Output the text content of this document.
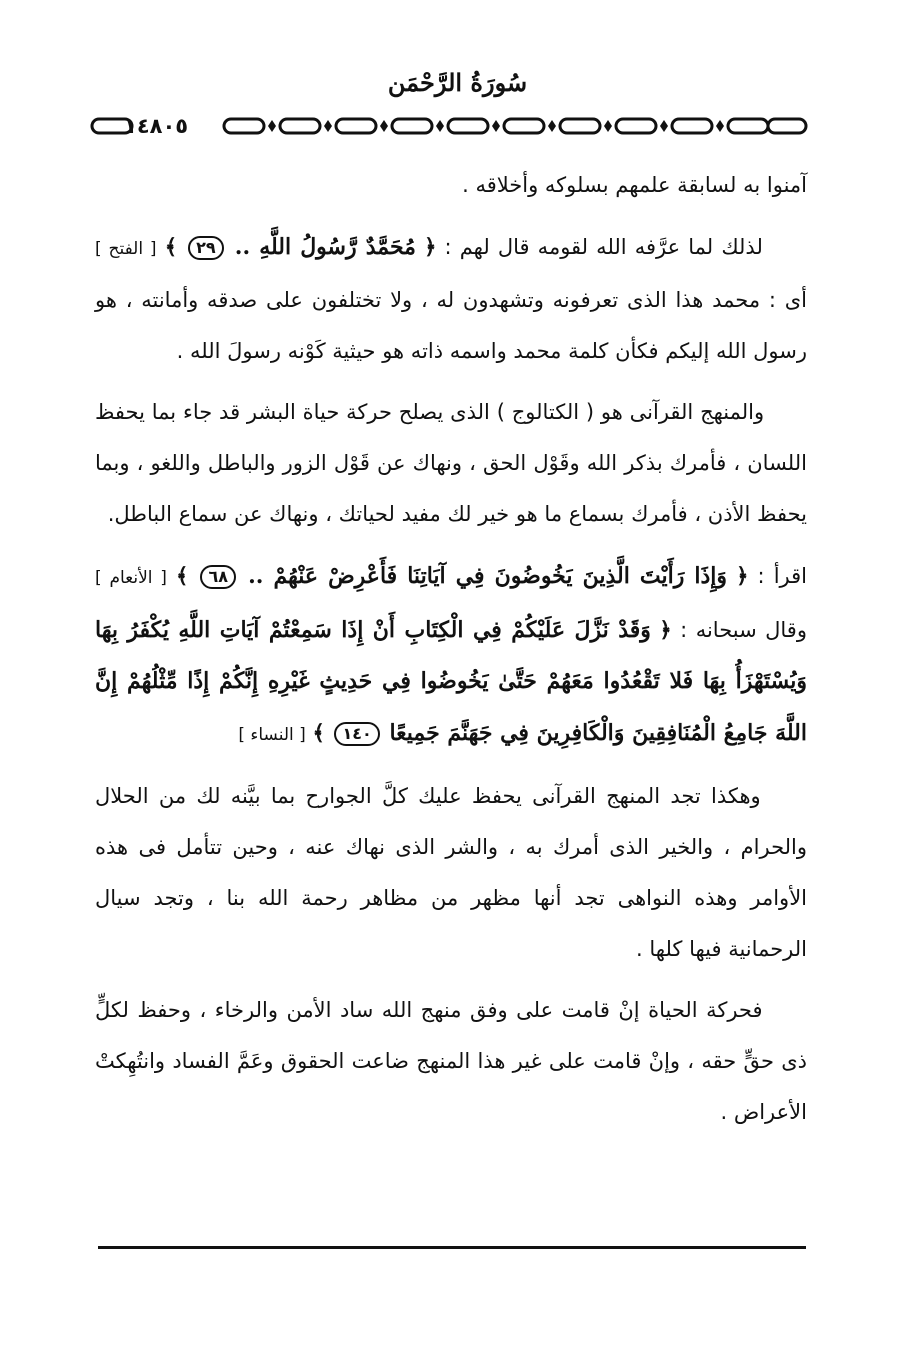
سُورَةُ الرَّحْمَن
١٤٨٠٥

آمنوا به لسابقة علمهم بسلوكه وأخلاقه .

لذلك لما عرَّفه الله لقومه قال لهم : ﴿ مُحَمَّدٌ رَّسُولُ اللَّهِ .. ٢٩ ﴾ [ الفتح ] أى : محمد هذا الذى تعرفونه وتشهدون له ، ولا تختلفون على صدقه وأمانته ، هو رسول الله إليكم فكأن كلمة محمد واسمه ذاته هو حيثية كَوْنه رسولَ الله .

والمنهج القرآنى هو ( الكتالوج ) الذى يصلح حركة حياة البشر قد جاء بما يحفظ اللسان ، فأمرك بذكر الله وقَوْل الحق ، ونهاك عن قَوْل الزور والباطل واللغو ، وبما يحفظ الأذن ، فأمرك بسماع ما هو خير لك مفيد لحياتك ، ونهاك عن سماع الباطل.

اقرأ : ﴿ وَإِذَا رَأَيْتَ الَّذِينَ يَخُوضُونَ فِي آيَاتِنَا فَأَعْرِضْ عَنْهُمْ .. ٦٨ ﴾ [ الأنعام ] وقال سبحانه : ﴿ وَقَدْ نَزَّلَ عَلَيْكُمْ فِي الْكِتَابِ أَنْ إِذَا سَمِعْتُمْ آيَاتِ اللَّهِ يُكْفَرُ بِهَا وَيُسْتَهْزَأُ بِهَا فَلا تَقْعُدُوا مَعَهُمْ حَتَّىٰ يَخُوضُوا فِي حَدِيثٍ غَيْرِهِ إِنَّكُمْ إِذًا مِّثْلُهُمْ إِنَّ اللَّهَ جَامِعُ الْمُنَافِقِينَ وَالْكَافِرِينَ فِي جَهَنَّمَ جَمِيعًا ١٤٠ ﴾ [ النساء ]

وهكذا تجد المنهج القرآنى يحفظ عليك كلَّ الجوارح بما بيَّنه لك من الحلال والحرام ، والخير الذى أمرك به ، والشر الذى نهاك عنه ، وحين تتأمل فى هذه الأوامر وهذه النواهى تجد أنها مظهر من مظاهر رحمة الله بنا ، وتجد سيال الرحمانية فيها كلها .

فحركة الحياة إنْ قامت على وفق منهج الله ساد الأمن والرخاء ، وحفظ لكلٍّ ذى حقٍّ حقه ، وإنْ قامت على غير هذا المنهج ضاعت الحقوق وعَمَّ الفساد وانتُهِكتْ الأعراض .
